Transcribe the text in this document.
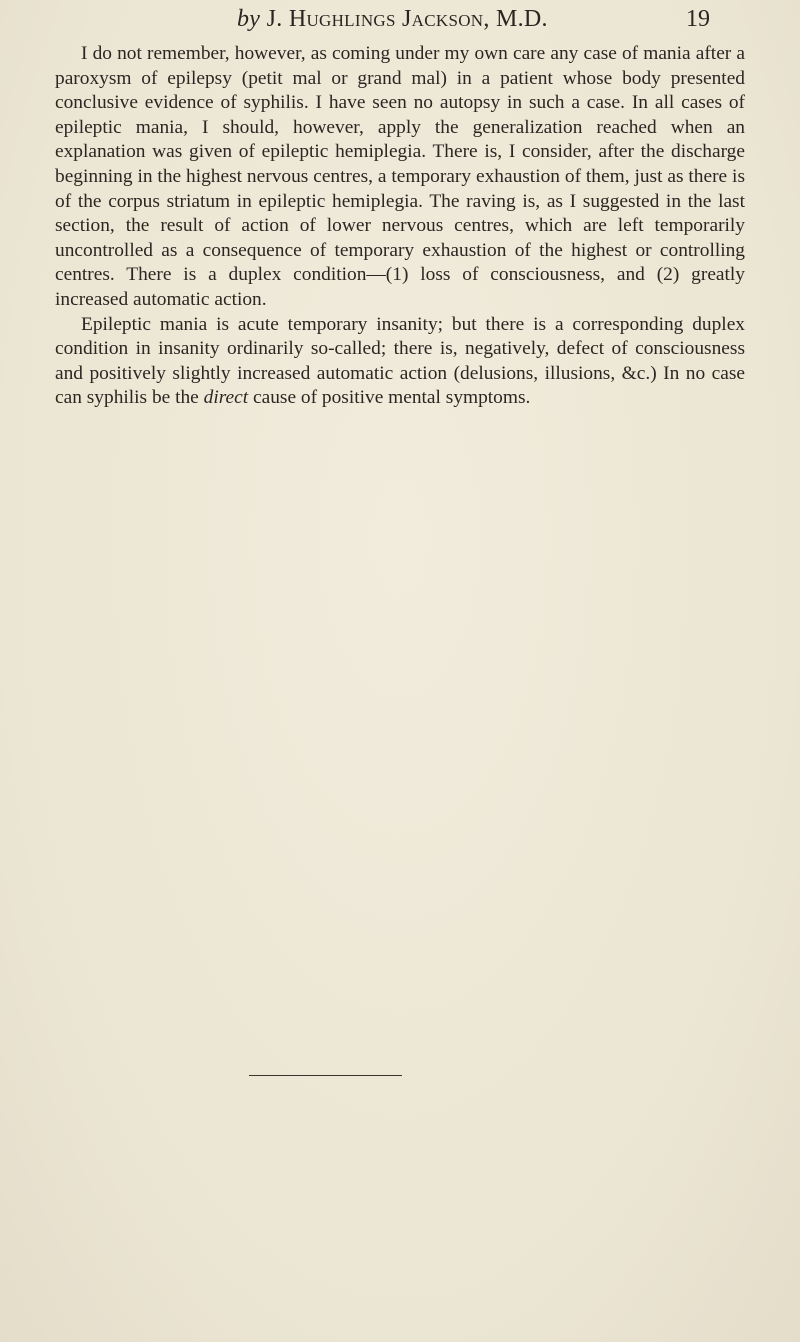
by J. Hughlings Jackson, M.D.	19

I do not remember, however, as coming under my own care any case of mania after a paroxysm of epilepsy (petit mal or grand mal) in a patient whose body presented conclusive evidence of syphilis. I have seen no autopsy in such a case. In all cases of epileptic mania, I should, however, apply the generalization reached when an explanation was given of epileptic hemiplegia. There is, I consider, after the discharge beginning in the highest nervous centres, a temporary exhaustion of them, just as there is of the corpus striatum in epileptic hemiplegia. The raving is, as I suggested in the last section, the result of action of lower nervous centres, which are left temporarily uncontrolled as a consequence of temporary exhaustion of the highest or controlling centres. There is a duplex condition—(1) loss of consciousness, and (2) greatly increased automatic action.

Epileptic mania is acute temporary insanity; but there is a corresponding duplex condition in insanity ordinarily so-called; there is, negatively, defect of consciousness and positively slightly increased automatic action (delusions, illusions, &c.) In no case can syphilis be the direct cause of positive mental symptoms.
